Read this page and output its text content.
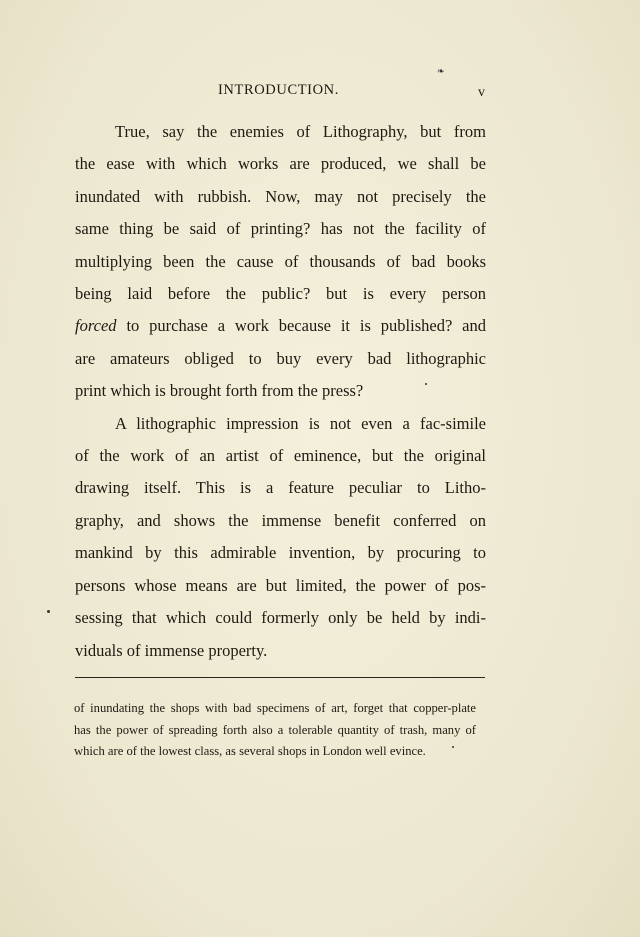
❧
INTRODUCTION.	v
True, say the enemies of Lithography, but from
the ease with which works are produced, we shall be
inundated with rubbish. Now, may not precisely the
same thing be said of printing? has not the facility of
multiplying been the cause of thousands of bad books
being laid before the public? but is every person
forced to purchase a work because it is published? and
are amateurs obliged to buy every bad lithographic
print which is brought forth from the press?
A lithographic impression is not even a fac-simile
of the work of an artist of eminence, but the original
drawing itself. This is a feature peculiar to Litho-
graphy, and shows the immense benefit conferred on
mankind by this admirable invention, by procuring to
persons whose means are but limited, the power of pos-
sessing that which could formerly only be held by indi-
viduals of immense property.
of inundating the shops with bad specimens of art, forget that copper-plate
has the power of spreading forth also a tolerable quantity of trash, many of
which are of the lowest class, as several shops in London well evince.
